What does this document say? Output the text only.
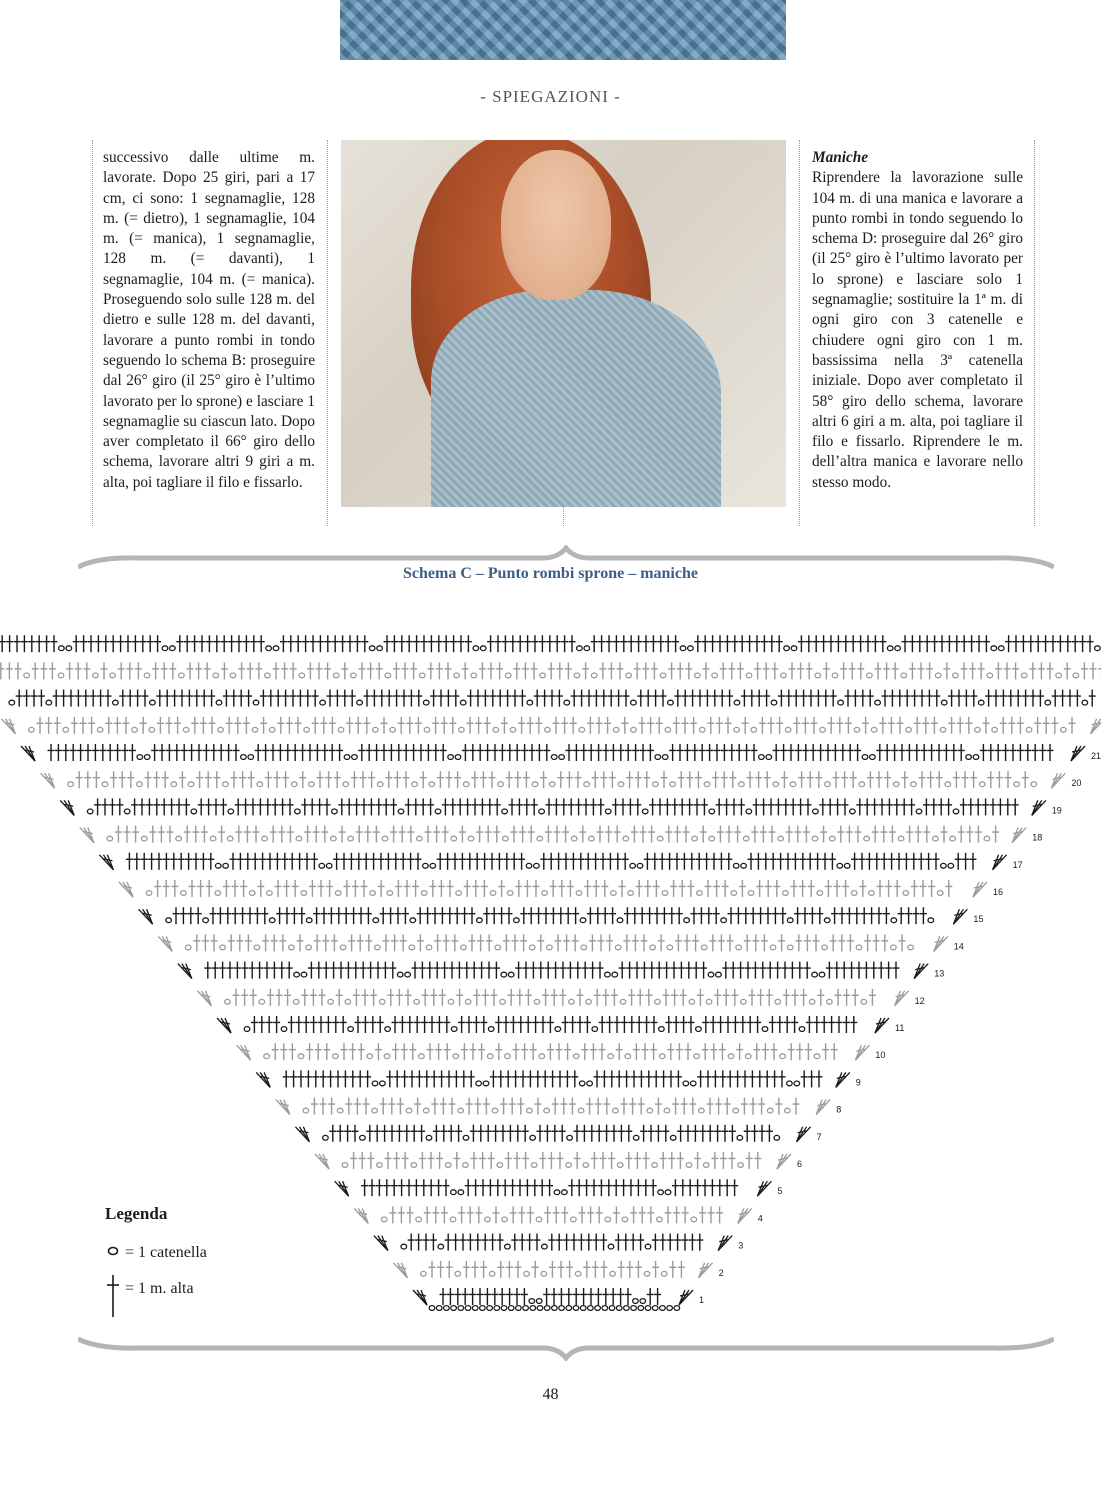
- SPIEGAZIONI -
successivo dalle ultime m. lavorate. Dopo 25 giri, pari a 17 cm, ci sono: 1 segnamaglie, 128 m. (= dietro), 1 segnamaglie, 104 m. (= manica), 1 segnamaglie, 128 m. (= davanti), 1 segnamaglie, 104 m. (= manica). Proseguendo solo sulle 128 m. del dietro e sulle 128 m. del davanti, lavorare a punto rombi in tondo seguendo lo schema B: proseguire dal 26° giro (il 25° giro è l’ultimo lavorato per lo sprone) e lasciare 1 segnamaglie su ciascun lato. Dopo aver completato il 66° giro dello schema, lavorare altri 9 giri a m. alta, poi tagliare il filo e fissarlo.
Maniche
Riprendere la lavorazione sulle 104 m. di una manica e lavorare a punto rombi in tondo seguendo lo schema D: proseguire dal 26° giro (il 25° giro è l’ultimo lavorato per lo sprone) e lasciare solo 1 segnamaglie; sostituire la 1ª m. di ogni giro con 3 catenelle e chiudere ogni giro con 1 m. bassissima nella 3ª catenella iniziale. Dopo aver completato il 58° giro dello schema, lavorare altri 6 giri a m. alta, poi tagliare il filo e fissarlo. Riprendere le m. dell’altra manica e lavorare nello stesso modo.
Schema C – Punto rombi sprone – maniche
1
2
3
4
5
6
7
8
9
10
11
12
13
14
15
16
17
18
19
20
21
Legenda
= 1 catenella
= 1 m. alta
48
